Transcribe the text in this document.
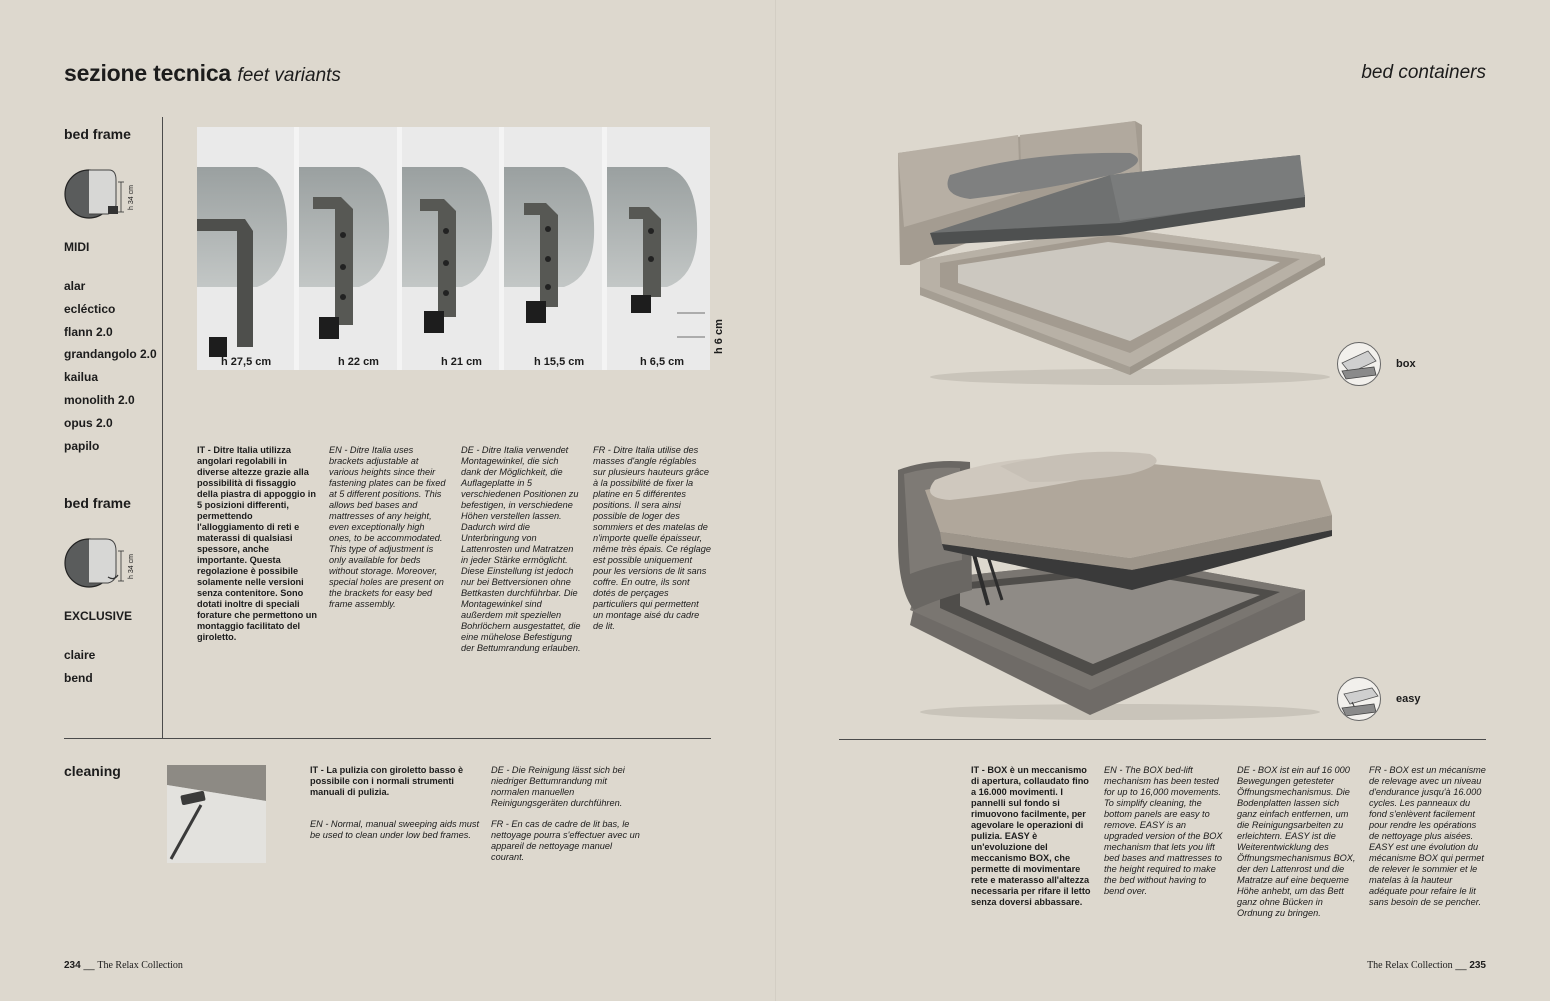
sezione tecnica feet variants
bed frame
h 34 cm
MIDI
alar
ecléctico
flann 2.0
grandangolo 2.0
kailua
monolith 2.0
opus 2.0
papilo
bed frame
h 34 cm
EXCLUSIVE
claire
bend
h 27,5 cm	h 22 cm	h 21 cm	h 15,5 cm	h 6,5 cm
h 6 cm
IT - Ditre Italia utilizza angolari regolabili in diverse altezze grazie alla possibilità di fissaggio della piastra di appoggio in 5 posizioni differenti, permettendo l'alloggiamento di reti e materassi di qualsiasi spessore, anche importante. Questa regolazione è possibile solamente nelle versioni senza contenitore. Sono dotati inoltre di speciali forature che permettono un montaggio facilitato del giroletto.
EN - Ditre Italia uses brackets adjustable at various heights since their fastening plates can be fixed at 5 different positions. This allows bed bases and mattresses of any height, even exceptionally high ones, to be accommodated. This type of adjustment is only available for beds without storage. Moreover, special holes are present on the brackets for easy bed frame assembly.
DE - Ditre Italia verwendet Montagewinkel, die sich dank der Möglichkeit, die Auflageplatte in 5 verschiedenen Positionen zu befestigen, in verschiedene Höhen verstellen lassen. Dadurch wird die Unterbringung von Lattenrosten und Matratzen in jeder Stärke ermöglicht. Diese Einstellung ist jedoch nur bei Bettversionen ohne Bettkasten durchführbar. Die Montagewinkel sind außerdem mit speziellen Bohrlöchern ausgestattet, die eine mühelose Befestigung der Bettumrandung erlauben.
FR - Ditre Italia utilise des masses d'angle réglables sur plusieurs hauteurs grâce à la possibilité de fixer la platine en 5 différentes positions. Il sera ainsi possible de loger des sommiers et des matelas de n'importe quelle épaisseur, même très épais. Ce réglage est possible uniquement pour les versions de lit sans coffre. En outre, ils sont dotés de perçages particuliers qui permettent un montage aisé du cadre de lit.
cleaning	IT - La pulizia con giroletto basso è possibile con i normali strumenti manuali di pulizia.
EN - Normal, manual sweeping aids must be used to clean under low bed frames.
DE - Die Reinigung lässt sich bei niedriger Bettumrandung mit normalen manuellen Reinigungsgeräten durchführen.
FR - En cas de cadre de lit bas, le nettoyage pourra s'effectuer avec un appareil de nettoyage manuel courant.
234 __ The Relax Collection
bed containers
box
easy
IT - BOX è un meccanismo di apertura, collaudato fino a 16.000 movimenti. I pannelli sul fondo si rimuovono facilmente, per agevolare le operazioni di pulizia. EASY è un'evoluzione del meccanismo BOX, che permette di movimentare rete e materasso all'altezza necessaria per rifare il letto senza doversi abbassare.
EN - The BOX bed-lift mechanism has been tested for up to 16,000 movements. To simplify cleaning, the bottom panels are easy to remove. EASY is an upgraded version of the BOX mechanism that lets you lift bed bases and mattresses to the height required to make the bed without having to bend over.
DE - BOX ist ein auf 16 000 Bewegungen getesteter Öffnungsmechanismus. Die Bodenplatten lassen sich ganz einfach entfernen, um die Reinigungsarbeiten zu erleichtern. EASY ist die Weiterentwicklung des Öffnungsmechanismus BOX, der den Lattenrost und die Matratze auf eine bequeme Höhe anhebt, um das Bett ganz ohne Bücken in Ordnung zu bringen.
FR - BOX est un mécanisme de relevage avec un niveau d'endurance jusqu'à 16.000 cycles. Les panneaux du fond s'enlèvent facilement pour rendre les opérations de nettoyage plus aisées. EASY est une évolution du mécanisme BOX qui permet de relever le sommier et le matelas à la hauteur adéquate pour refaire le lit sans besoin de se pencher.
The Relax Collection __ 235
